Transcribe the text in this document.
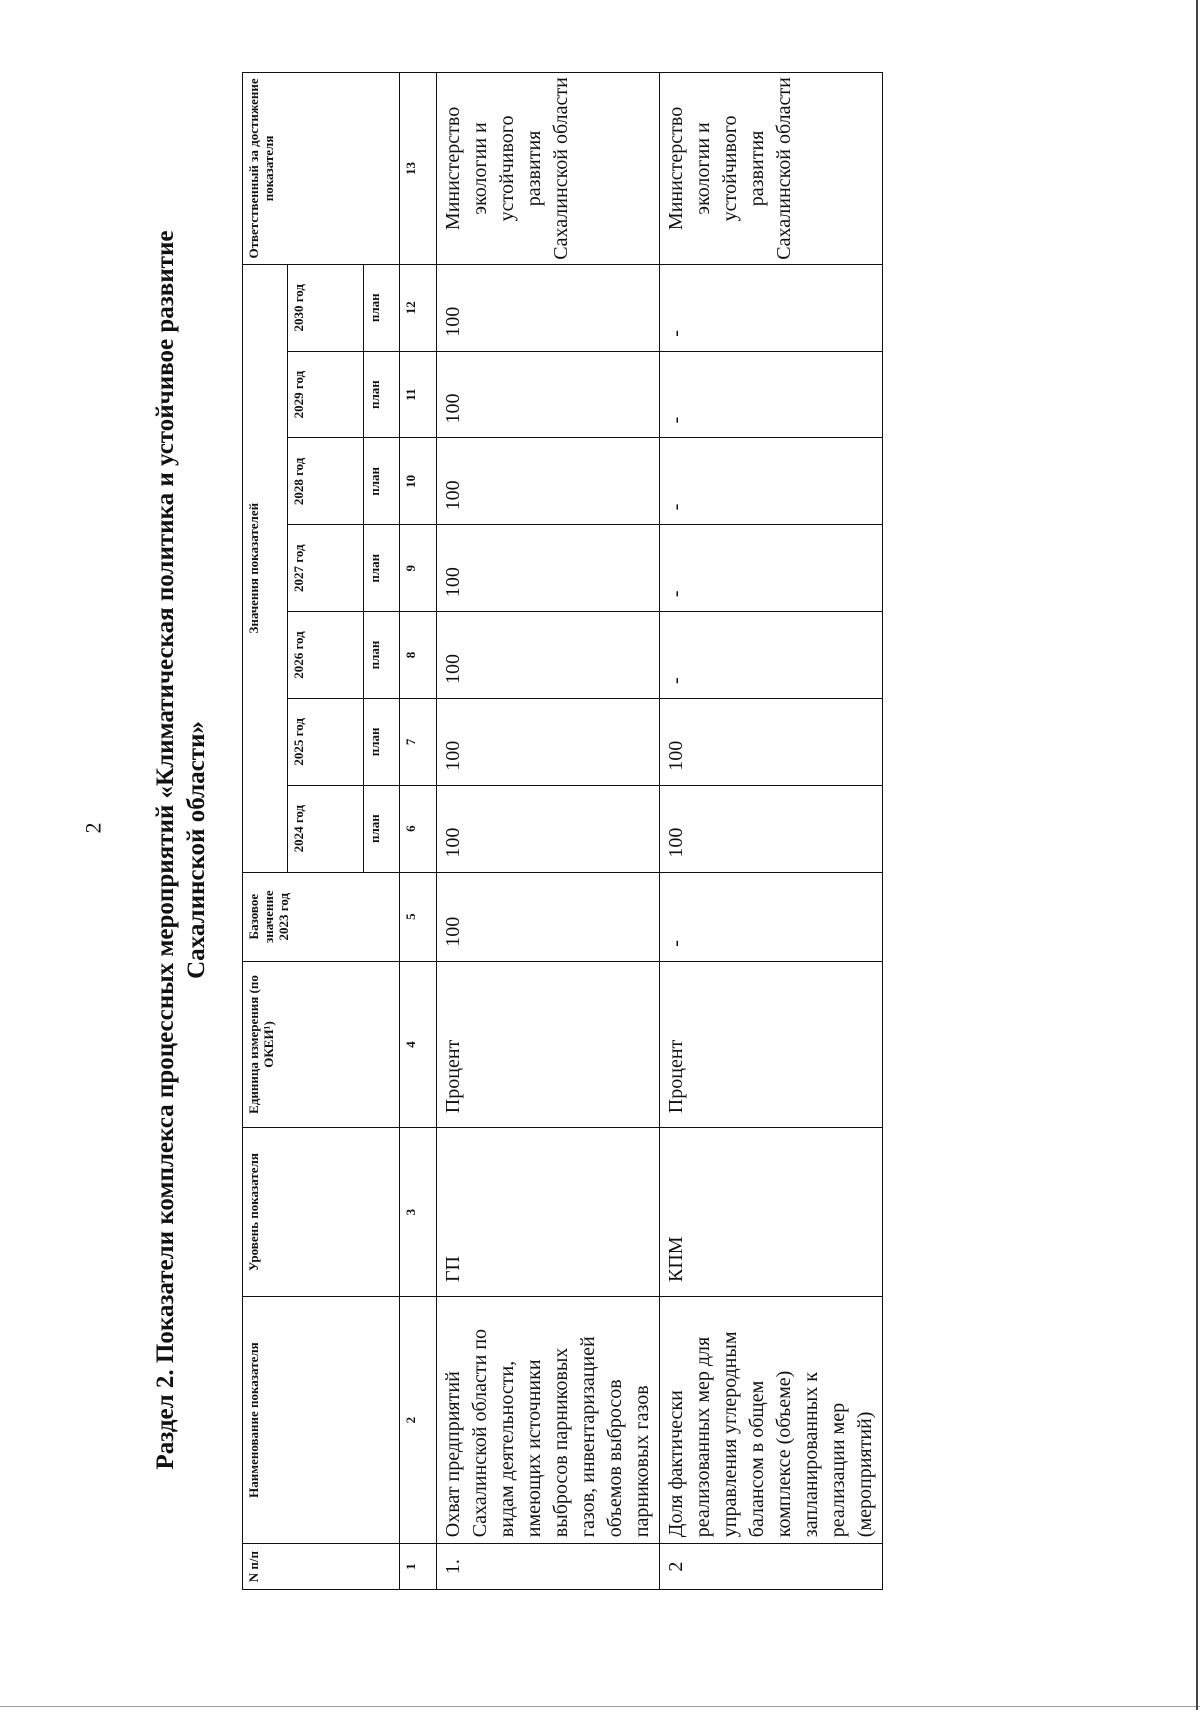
2 Раздел 2. Показатели комплекса процессных мероприятий «Климатическая политика и устойчивое развитие Сахалинской области»
N п/п	Наименование показателя	Уровень показателя	Единица измерения (по ОКЕИ¹)	Базовое значение 2023 год	Значения показателей							Ответственный за достижение показателя
					2024 год	2025 год	2026 год	2027 год	2028 год	2029 год	2030 год	
					план	план	план	план	план	план	план	
1	2	3	4	5	6	7	8	9	10	11	12	13
1.	Охват предприятий Сахалинской области по видам деятельности, имеющих источники выбросов парниковых газов, инвентаризацией объемов выбросов парниковых газов	ГП	Процент	100	100	100	100	100	100	100	100	Министерство экологии и устойчивого развития Сахалинской области
2	Доля фактически реализованных мер для управления углеродным балансом в общем комплексе (объеме) запланированных к реализации мер (мероприятий)	КПМ	Процент	-	100	100	-	-	-	-	-	Министерство экологии и устойчивого развития Сахалинской области
